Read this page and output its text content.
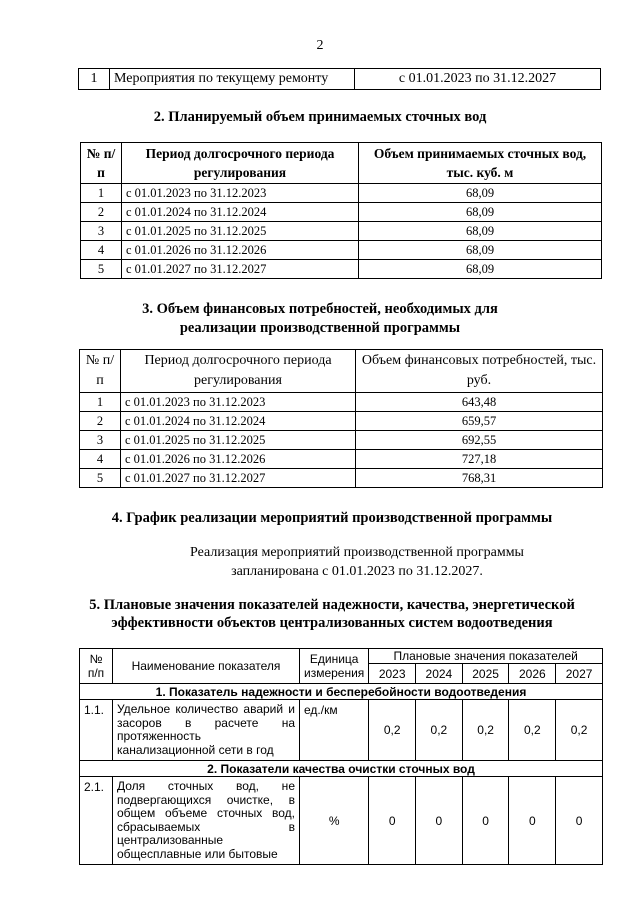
2
1	Мероприятия по текущему ремонту	с 01.01.2023 по 31.12.2027
2. Планируемый объем принимаемых сточных вод
№ п/п	Период долгосрочного периода регулирования	Объем принимаемых сточных вод, тыс. куб. м
1	с 01.01.2023 по 31.12.2023	68,09
2	с 01.01.2024 по 31.12.2024	68,09
3	с 01.01.2025 по 31.12.2025	68,09
4	с 01.01.2026 по 31.12.2026	68,09
5	с 01.01.2027 по 31.12.2027	68,09
3. Объем финансовых потребностей, необходимых для
реализации производственной программы
№ п/п	Период долгосрочного периода регулирования	Объем финансовых потребностей, тыс. руб.
1	с 01.01.2023 по 31.12.2023	643,48
2	с 01.01.2024 по 31.12.2024	659,57
3	с 01.01.2025 по 31.12.2025	692,55
4	с 01.01.2026 по 31.12.2026	727,18
5	с 01.01.2027 по 31.12.2027	768,31
4. График реализации мероприятий производственной программы
Реализация мероприятий производственной программы
запланирована с 01.01.2023 по 31.12.2027.
5. Плановые значения показателей надежности, качества, энергетической
эффективности объектов централизованных систем водоотведения
№ п/п	Наименование показателя	Единица измерения	Плановые значения показателей				
			2023	2024	2025	2026	2027
1. Показатель надежности и бесперебойности водоотведения							
1.1.	Удельное количество аварий и засоров в расчете на протяженность канализационной сети в год	ед./км	0,2	0,2	0,2	0,2	0,2
2. Показатели качества очистки сточных вод							
2.1.	Доля сточных вод, не подвергающихся очистке, в общем объеме сточных вод, сбрасываемых в централизованные общесплавные или бытовые	%	0	0	0	0	0
